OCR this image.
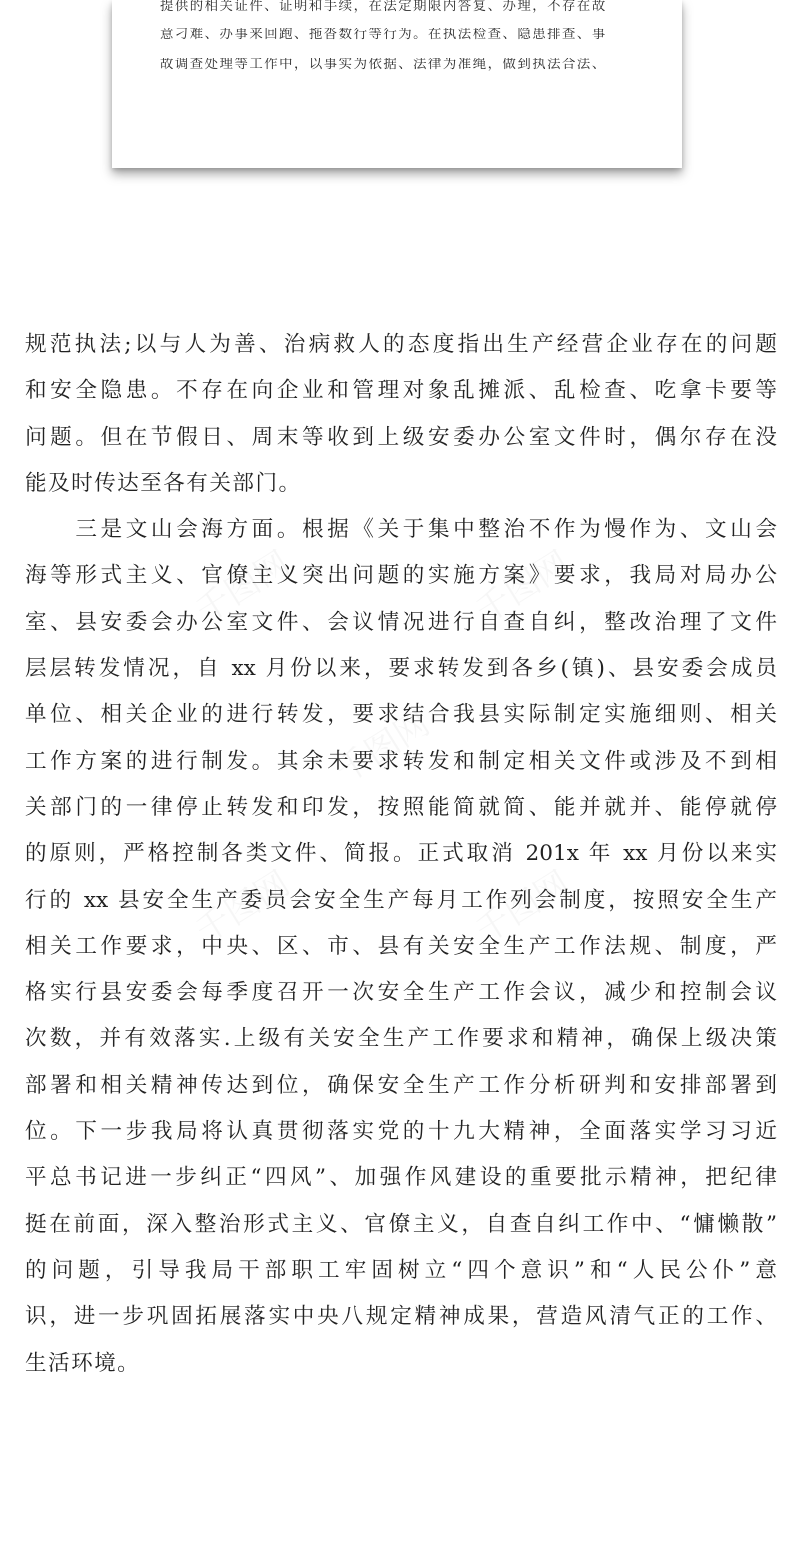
提供的相关证件、证明和手续，在法定期限内答复、办理，不存在故
意刁难、办事来回跑、拖沓数行等行为。在执法检查、隐患排查、事
故调查处理等工作中，以事实为依据、法律为准绳，做到执法合法、
规范执法;以与人为善、治病救人的态度指出生产经营企业存在的问题
和安全隐患。不存在向企业和管理对象乱摊派、乱检查、吃拿卡要等
问题。但在节假日、周末等收到上级安委办公室文件时，偶尔存在没
能及时传达至各有关部门。
　　三是文山会海方面。根据《关于集中整治不作为慢作为、文山会
海等形式主义、官僚主义突出问题的实施方案》要求，我局对局办公
室、县安委会办公室文件、会议情况进行自查自纠，整改治理了文件
层层转发情况，自 xx 月份以来，要求转发到各乡(镇)、县安委会成员
单位、相关企业的进行转发，要求结合我县实际制定实施细则、相关
工作方案的进行制发。其余未要求转发和制定相关文件或涉及不到相
关部门的一律停止转发和印发，按照能简就简、能并就并、能停就停
的原则，严格控制各类文件、简报。正式取消 201x 年 xx 月份以来实
行的 xx 县安全生产委员会安全生产每月工作列会制度，按照安全生产
相关工作要求，中央、区、市、县有关安全生产工作法规、制度，严
格实行县安委会每季度召开一次安全生产工作会议，减少和控制会议
次数，并有效落实.上级有关安全生产工作要求和精神，确保上级决策
部署和相关精神传达到位，确保安全生产工作分析研判和安排部署到
位。下一步我局将认真贯彻落实党的十九大精神，全面落实学习习近
平总书记进一步纠正“四风”、加强作风建设的重要批示精神，把纪律
挺在前面，深入整治形式主义、官僚主义，自查自纠工作中、“慵懒散”
的问题，引导我局干部职工牢固树立“四个意识”和“人民公仆”意
识，进一步巩固拓展落实中央八规定精神成果，营造风清气正的工作、
生活环境。
